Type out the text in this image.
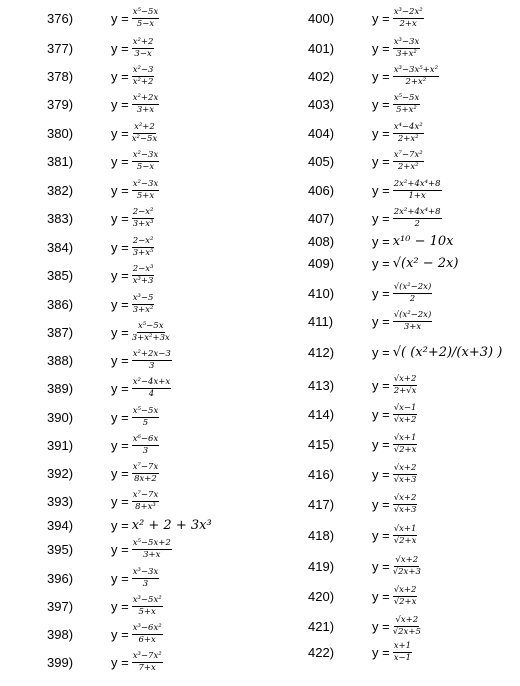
376)	$y = \frac{\text{x⁵−5x}}{5-x}$
377)	$y = \frac{\text{x²+2}}{3-x}$
378)	$y = \frac{\text{x²−3}}{\text{x²+2}}$
379)	$y = \frac{\text{x²+2x}}{3+x}$
380)	$y = \frac{\text{x²+2}}{\text{x²−5x}}$
381)	$y = \frac{\text{x²−3x}}{5-x}$
382)	$y = \frac{\text{x²−3x}}{5+x}$
383)	$y = \frac{\text{2−x²}}{\text{3+x³}}$
384)	$y = \frac{\text{2−x²}}{\text{3+x⁵}}$
385)	$y = \frac{\text{2−x³}}{\text{x³+3}}$
386)	$y = \frac{\text{x³−5}}{\text{3+x²}}$
387)	$y = \frac{\text{x⁵−5x}}{\text{3+x²+3x}}$
388)	$y = \frac{\text{x²+2x−3}}{3}$
389)	$y = \frac{\text{x²−4x+x}}{4}$
390)	$y = \frac{\text{x⁵−5x}}{5}$
391)	$y = \frac{\text{x⁶−6x}}{3}$
392)	$y = \frac{\text{x⁷−7x}}{8x+2}$
393)	$y = \frac{\text{x⁷−7x}}{\text{8+x³}}$
394)	y = x² + 2 + 3x³
395)	$y = \frac{\text{x⁵−5x+2}}{3+x}$
396)	$y = \frac{\text{x³−3x}}{3}$
397)	$y = \frac{\text{x³−5x²}}{5+x}$
398)	$y = \frac{\text{x³−6x²}}{6+x}$
399)	$y = \frac{\text{x³−7x²}}{7+x}$
400)	$y = \frac{\text{x³−2x²}}{2+x}$
401)	$y = \frac{\text{x³−3x}}{\text{3+x²}}$
402)	$y = \frac{\text{x³−3x⁵+x²}}{\text{2+x²}}$
403)	$y = \frac{\text{x⁵−5x}}{\text{5+x²}}$
404)	$y = \frac{\text{x⁴−4x²}}{\text{2+x²}}$
405)	$y = \frac{\text{x⁷−7x²}}{\text{2+x²}}$
406)	$y = \frac{\text{2x²+4x⁴+8}}{1+x}$
407)	$y = \frac{\text{2x²+4x⁴+8}}{2}$
408)	y = x¹⁰ − 10x
409)	y = √(x² − 2x)
410)	$y = \frac{\text{√(x²−2x)}}{2}$
411)	$y = \frac{\text{√(x²−2x)}}{3+x}$
412)	y = √( (x²+2)/(x+3) )
413)	$y = \frac{√x+2}{2+√x}$
414)	$y = \frac{√x-1}{√x+2}$
415)	$y = \frac{√x+1}{√2+x}$
416)	$y = \frac{√x+2}{√x+3}$
417)	$y = \frac{√x+2}{√x+3}$
418)	$y = \frac{√x+1}{√2+x}$
419)	$y = \frac{√x+2}{√2x+3}$
420)	$y = \frac{√x+2}{√2+x}$
421)	$y = \frac{√x+2}{√2x+5}$
422)	$y = \frac{x+1}{x-1}$
